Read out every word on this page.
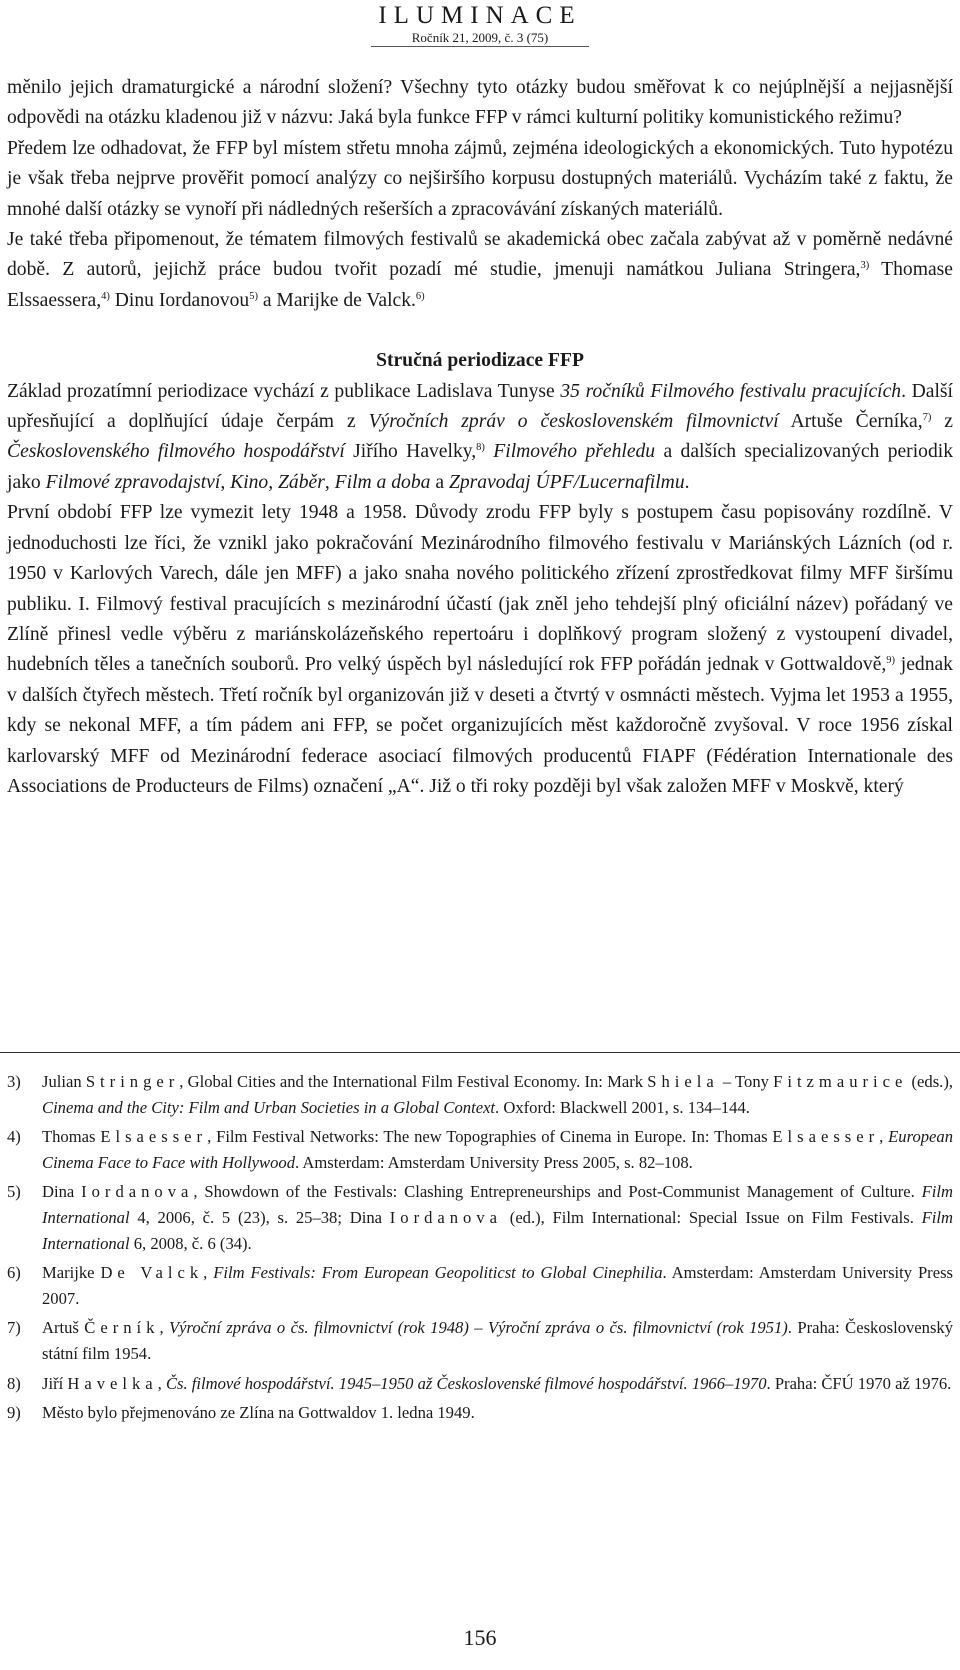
ILUMINACE
Ročník 21, 2009, č. 3 (75)

měnilo jejich dramaturgické a národní složení? Všechny tyto otázky budou směřovat k co nejúplnější a nejjasnější odpovědi na otázku kladenou již v názvu: Jaká byla funkce FFP v rámci kulturní politiky komunistického režimu?

Předem lze odhadovat, že FFP byl místem střetu mnoha zájmů, zejména ideologických a ekonomických. Tuto hypotézu je však třeba nejprve prověřit pomocí analýzy co nejširšího korpusu dostupných materiálů. Vycházím také z faktu, že mnohé další otázky se vynoří při nádledných rešerších a zpracovávání získaných materiálů.

Je také třeba připomenout, že tématem filmových festivalů se akademická obec začala zabývat až v poměrně nedávné době. Z autorů, jejichž práce budou tvořit pozadí mé studie, jmenuji namátkou Juliana Stringera,$^{3)}$ Thomase Elssaessera,$^{4)}$ Dinu Iordanovou$^{5)}$ a Marijke de Valck.$^{6)}$

Stručná periodizace FFP

Základ prozatímní periodizace vychází z publikace Ladislava Tunyse 35 ročníků Filmového festivalu pracujících. Další upřesňující a doplňující údaje čerpám z Výročních zpráv o československém filmovnictví Artuše Černíka,$^{7)}$ z Československého filmového hospodářství Jiřího Havelky,$^{8)}$ Filmového přehledu a dalších specializovaných periodik jako Filmové zpravodajství, Kino, Záběr, Film a doba a Zpravodaj ÚPF/Lucernafilmu.

První období FFP lze vymezit lety 1948 a 1958. Důvody zrodu FFP byly s postupem času popisovány rozdílně. V jednoduchosti lze říci, že vznikl jako pokračování Mezinárodního filmového festivalu v Mariánských Lázních (od r. 1950 v Karlových Varech, dále jen MFF) a jako snaha nového politického zřízení zprostředkovat filmy MFF širšímu publiku. I. Filmový festival pracujících s mezinárodní účastí (jak zněl jeho tehdejší plný oficiální název) pořádaný ve Zlíně přinesl vedle výběru z mariánskolázeňského repertoáru i doplňkový program složený z vystoupení divadel, hudebních těles a tanečních souborů. Pro velký úspěch byl následující rok FFP pořádán jednak v Gottwaldově,$^{9)}$ jednak v dalších čtyřech městech. Třetí ročník byl organizován již v deseti a čtvrtý v osmnácti městech. Vyjma let 1953 a 1955, kdy se nekonal MFF, a tím pádem ani FFP, se počet organizujících měst každoročně zvyšoval. V roce 1956 získal karlovarský MFF od Mezinárodní federace asociací filmových producentů FIAPF (Fédération Internationale des Associations de Producteurs de Films) označení „A“. Již o tři roky později byl však založen MFF v Moskvě, který

3)	Julian Stringer, Global Cities and the International Film Festival Economy. In: Mark Shiela – Tony Fitzmaurice (eds.), Cinema and the City: Film and Urban Societies in a Global Context. Oxford: Blackwell 2001, s. 134–144.
4)	Thomas Elsaesser, Film Festival Networks: The new Topographies of Cinema in Europe. In: Thomas Elsaesser, European Cinema Face to Face with Hollywood. Amsterdam: Amsterdam University Press 2005, s. 82–108.
5)	Dina Iordanova, Showdown of the Festivals: Clashing Entrepreneurships and Post-Communist Management of Culture. Film International 4, 2006, č. 5 (23), s. 25–38; Dina Iordanova (ed.), Film International: Special Issue on Film Festivals. Film International 6, 2008, č. 6 (34).
6)	Marijke De Valck, Film Festivals: From European Geopoliticst to Global Cinephilia. Amsterdam: Amsterdam University Press 2007.
7)	Artuš Černík, Výroční zpráva o čs. filmovnictví (rok 1948) – Výroční zpráva o čs. filmovnictví (rok 1951). Praha: Československý státní film 1954.
8)	Jiří Havelka, Čs. filmové hospodářství. 1945–1950 až Československé filmové hospodářství. 1966–1970. Praha: ČFÚ 1970 až 1976.
9)	Město bylo přejmenováno ze Zlína na Gottwaldov 1. ledna 1949.
156
